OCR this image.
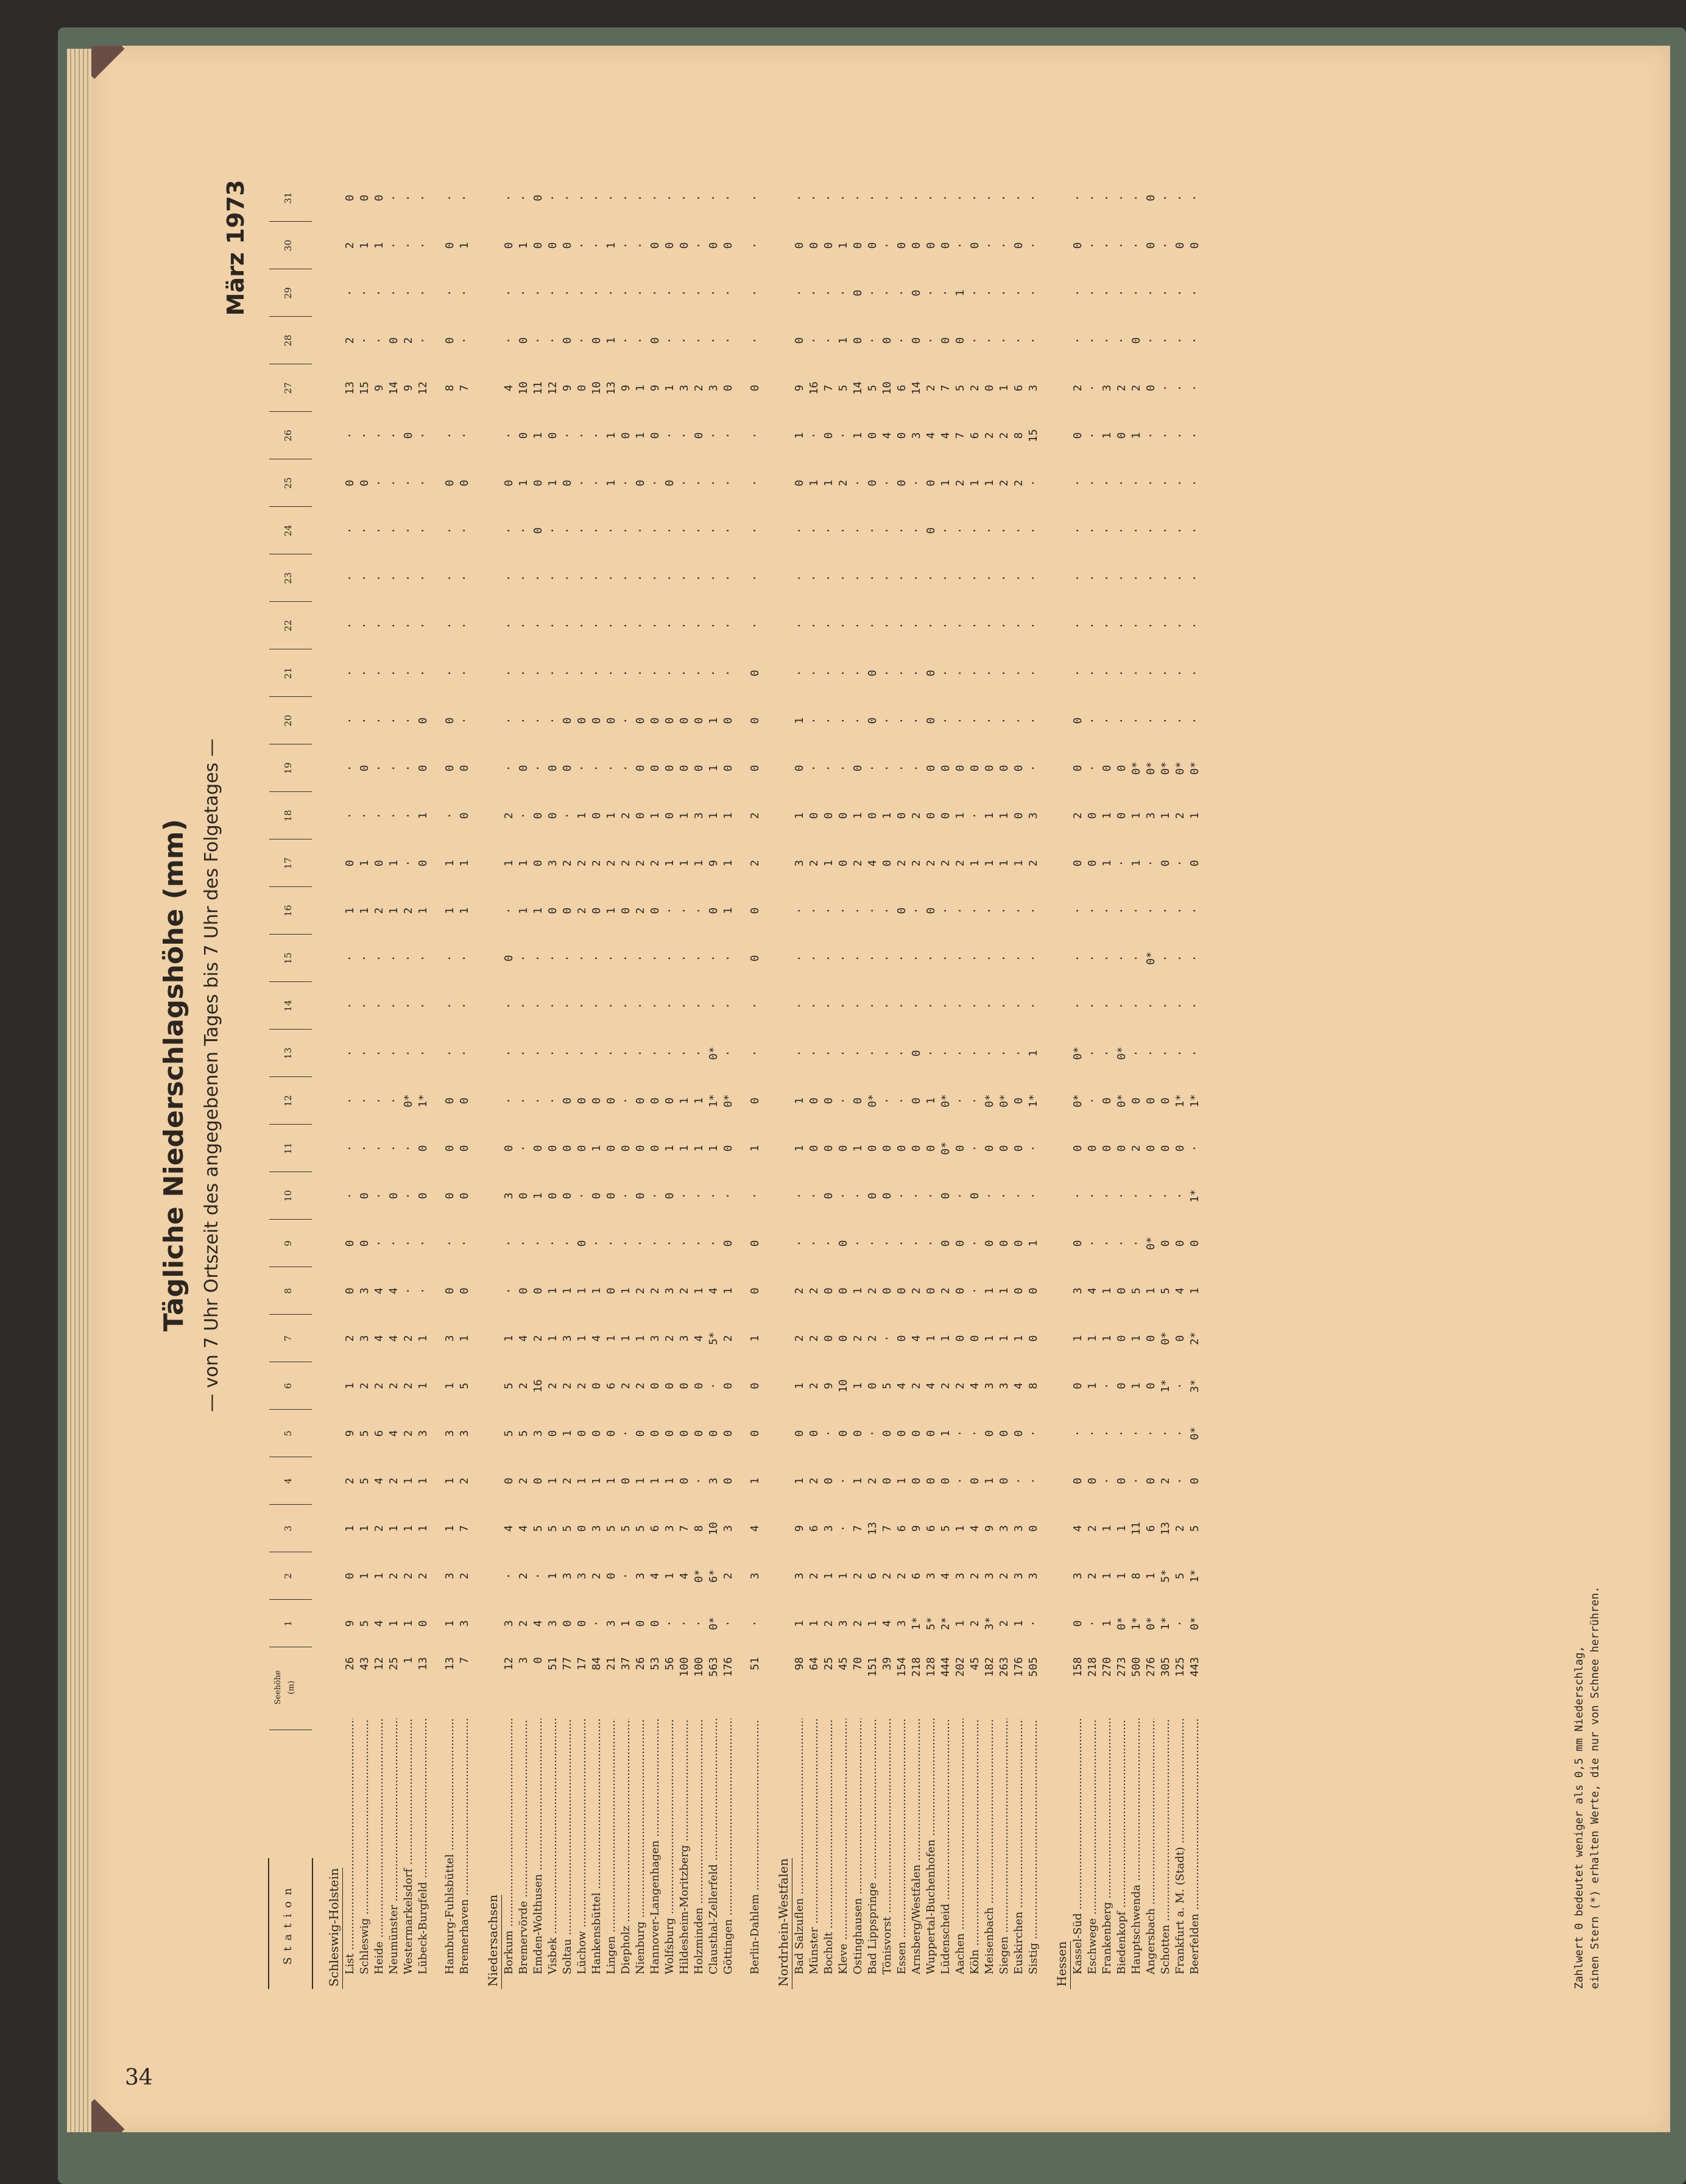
Tägliche Niederschlagshöhe (mm) — von 7 Uhr Ortszeit des angegebenen Tages bis 7 Uhr des Folgetages —
März 1973
Station
Seehöhe (m)
1
2
3
4
5
6
7
8
9
10
11
12
13
14
15
16
17
18
19
20
21
22
23
24
25
26
27
28
29
30
31
Schleswig-Holstein List .....
26
9
0
1
2
9
1
2
0
0
·
·
·
·
·
·
1
0
·
·
·
·
·
·
·
0
·
13
2
·
2
0
Schleswig .....
43
5
1
1
5
5
2
3
3
0
0
·
·
·
·
·
1
1
·
0
·
·
·
·
·
0
·
15
·
·
1
0
Heide .....
12
4
1
2
4
6
2
4
4
·
·
·
·
·
·
·
2
0
·
·
·
·
·
·
·
·
·
9
·
·
1
0
Neumünster .....
25
1
2
1
2
4
2
4
4
·
0
·
·
·
·
·
1
1
·
·
·
·
·
·
·
·
·
14
0
·
·
·
Westermarkelsdorf .....
1
1
2
1
1
2
2
2
·
·
·
·
0*
·
·
·
2
·
·
·
·
·
·
·
·
·
0
9
2
·
·
·
Lübeck-Burgfeld .....
13
0
2
1
1
3
1
1
·
·
0
0
1*
·
·
·
1
0
1
0
0
·
·
·
·
·
·
12
·
·
·
·
Hamburg-Fuhlsbüttel .....
13
1
3
1
1
3
1
3
0
·
0
0
0
·
·
·
1
1
·
0
0
·
·
·
·
0
·
8
0
·
0
·
Bremerhaven .....
7
3
2
7
2
3
5
1
0
·
0
0
0
·
·
·
1
1
0
0
·
·
·
·
·
0
·
7
·
·
1
·
Niedersachsen Borkum .....
12
3
·
4
0
5
5
1
·
·
3
0
·
·
·
0
·
1
2
·
·
·
·
·
·
0
·
4
·
·
0
·
Bremervörde .....
3
2
2
4
2
5
2
4
0
·
0
·
·
·
·
·
1
1
·
0
·
·
·
·
·
1
0
10
0
·
1
·
Emden-Wolthusen .....
0
4
·
5
0
3
16
2
0
·
1
0
·
·
·
·
1
0
0
·
·
·
·
·
0
0
1
11
·
·
0
0
Visbek .....
51
3
1
5
1
0
2
1
1
·
0
0
·
·
·
·
0
3
0
0
·
·
·
·
·
1
0
12
·
·
0
·
Soltau .....
77
0
3
5
2
1
2
3
1
·
0
0
0
·
·
·
0
2
·
0
0
·
·
·
·
0
·
9
0
·
0
·
Lüchow .....
17
0
3
0
1
0
2
1
1
0
·
0
0
·
·
·
2
2
1
·
0
·
·
·
·
·
·
0
·
·
·
·
Hankensbüttel .....
84
·
2
3
1
0
0
4
1
·
0
1
0
·
·
·
0
2
0
·
0
·
·
·
·
·
·
10
0
·
·
·
Lingen .....
21
3
0
5
1
0
6
1
0
·
0
0
0
·
·
·
1
2
1
·
0
·
·
·
·
1
1
13
1
·
1
·
Diepholz .....
37
1
·
5
0
·
2
1
1
·
·
0
·
·
·
·
0
2
2
·
·
·
·
·
·
·
0
9
·
·
·
·
Nienburg .....
26
0
3
5
1
0
2
1
2
·
0
0
0
·
·
·
2
2
0
0
0
·
·
·
·
0
1
1
·
·
·
·
Hannover-Langenhagen .....
53
0
4
6
1
0
0
3
2
·
·
0
0
·
·
·
0
2
1
0
0
·
·
·
·
·
0
9
0
·
0
·
Wolfsburg .....
56
·
1
3
1
0
0
2
3
·
0
1
0
·
·
·
·
1
0
0
0
·
·
·
·
0
·
1
·
·
0
·
Hildesheim-Moritzberg .....
100
·
4
7
0
0
0
3
2
·
·
1
1
·
·
·
·
1
1
0
0
·
·
·
·
·
·
3
·
·
0
·
Holzminden .....
100
·
0*
8
·
0
0
4
1
·
·
1
1
·
·
·
·
1
3
0
0
·
·
·
·
·
0
2
·
·
·
·
Clausthal-Zellerfeld .....
563
0*
6*
10
3
0
·
5*
4
·
·
1
1*
0*
·
·
0
9
1
1
1
·
·
·
·
·
·
3
·
·
0
·
Göttingen .....
176
·
2
3
0
0
0
2
1
0
·
0
0*
·
·
·
1
1
1
0
0
·
·
·
·
·
·
0
·
·
0
·
Berlin-Dahlem .....
51
·
3
4
1
0
0
1
0
0
·
1
0
·
·
0
0
2
2
0
0
0
·
·
·
·
·
0
·
·
·
·
Nordrhein-Westfalen Bad Salzuflen .....
98
1
3
9
1
0
1
2
2
·
·
1
1
·
·
·
·
3
1
0
1
·
·
·
·
0
1
9
0
·
0
·
Münster .....
64
1
2
6
2
0
2
2
2
·
·
0
0
·
·
·
·
2
0
·
·
·
·
·
·
1
·
16
·
·
0
·
Bocholt .....
25
2
1
3
0
·
9
0
0
·
0
0
0
·
·
·
·
1
0
·
·
·
·
·
·
1
0
7
·
·
0
·
Kleve .....
45
3
1
·
·
0
10
0
0
0
·
0
·
·
·
·
·
0
0
·
·
·
·
·
·
2
·
5
1
·
1
·
Ostinghausen .....
70
2
2
7
1
0
1
2
1
·
·
1
0
·
·
·
·
2
1
0
·
·
·
·
·
·
1
14
0
0
0
·
Bad Lippspringe .....
151
1
6
13
2
·
0
2
2
·
0
0
0*
·
·
·
·
4
0
·
0
0
·
·
·
0
0
5
·
·
0
·
Tönisvorst .....
39
4
2
7
0
0
5
·
0
·
0
0
·
·
·
·
·
0
1
·
·
·
·
·
·
·
4
10
0
·
·
·
Essen .....
154
3
2
6
1
0
4
0
0
·
·
0
·
·
·
·
0
2
0
·
·
·
·
·
·
0
0
6
·
·
0
·
Arnsberg/Westfalen .....
218
1*
6
9
0
0
2
4
2
·
·
0
0
0
·
·
·
2
2
·
·
·
·
·
·
·
3
14
0
0
0
·
Wuppertal-Buchenhofen .....
128
5*
3
6
0
0
4
1
0
·
·
0
1
·
·
·
0
2
0
0
0
0
·
·
0
0
4
2
·
·
0
·
Lüdenscheid .....
444
2*
4
5
0
1
2
1
2
0
0
0*
0*
·
·
·
·
2
0
0
·
·
·
·
·
1
4
7
0
·
0
·
Aachen .....
202
1
3
1
·
·
2
0
0
0
·
0
·
·
·
·
·
2
1
0
·
·
·
·
·
2
7
5
0
1
·
·
Köln .....
45
2
2
4
0
·
4
0
·
·
0
·
·
·
·
·
·
1
·
0
·
·
·
·
·
1
6
2
·
·
0
·
Meisenbach .....
182
3*
3
9
1
0
3
1
1
0
·
0
0*
·
·
·
·
1
1
0
·
·
·
·
·
1
2
0
·
·
·
·
Siegen .....
263
2
2
3
0
0
3
1
1
0
·
0
0*
·
·
·
·
1
1
0
·
·
·
·
·
2
2
1
·
·
·
·
Euskirchen .....
176
1
3
3
·
0
4
1
0
0
·
0
0
·
·
·
·
1
0
0
·
·
·
·
·
2
8
6
·
·
0
·
Sistig .....
505
·
3
0
·
·
8
0
0
1
·
·
1*
1
·
·
·
2
3
·
·
·
·
·
·
·
15
3
·
·
·
·
Hessen Kassel-Süd .....
158
0
3
4
0
·
0
1
3
0
·
0
0*
0*
·
·
·
0
2
0
0
·
·
·
·
·
0
2
·
·
0
·
Eschwege .....
218
·
2
2
0
·
1
1
4
·
·
0
·
·
·
·
·
0
0
·
·
·
·
·
·
·
·
·
·
·
·
·
Frankenberg .....
270
1
1
1
·
·
·
1
1
·
·
0
0
·
·
·
·
1
1
0
·
·
·
·
·
·
1
3
·
·
·
·
Biedenkopf .....
273
0*
1
1
0
·
0
0
0
·
·
0
0*
0*
·
·
·
·
0
0
·
·
·
·
·
·
0
2
·
·
·
·
Hauptschwenda .....
500
1*
8
11
·
·
1
1
5
·
·
2
0
·
·
·
·
1
1
0*
·
·
·
·
·
·
1
2
0
·
·
·
Angersbach .....
276
0*
1
6
0
·
0
0
1
0*
·
0
0
·
·
0*
·
·
3
0*
·
·
·
·
·
·
·
0
·
·
0
0
Schotten .....
305
1*
5*
13
2
·
1*
0*
5
0
·
0
0
·
·
·
·
0
1
0*
·
·
·
·
·
·
·
·
·
·
·
·
Frankfurt a. M. (Stadt) .....
125
·
5
2
·
·
·
0
4
0
·
0
1*
·
·
·
·
·
2
0*
·
·
·
·
·
·
·
·
·
·
0
·
Beerfelden .....
443
0*
1*
5
0
0*
3*
2*
1
0
1*
·
1*
·
·
·
·
0
1
0*
·
·
·
·
·
·
·
·
·
·
0
·
Zahlwert 0 bedeutet weniger als 0,5 mm Niederschlag, einen Stern (*) erhalten Werte, die nur von Schnee herrühren.
34
